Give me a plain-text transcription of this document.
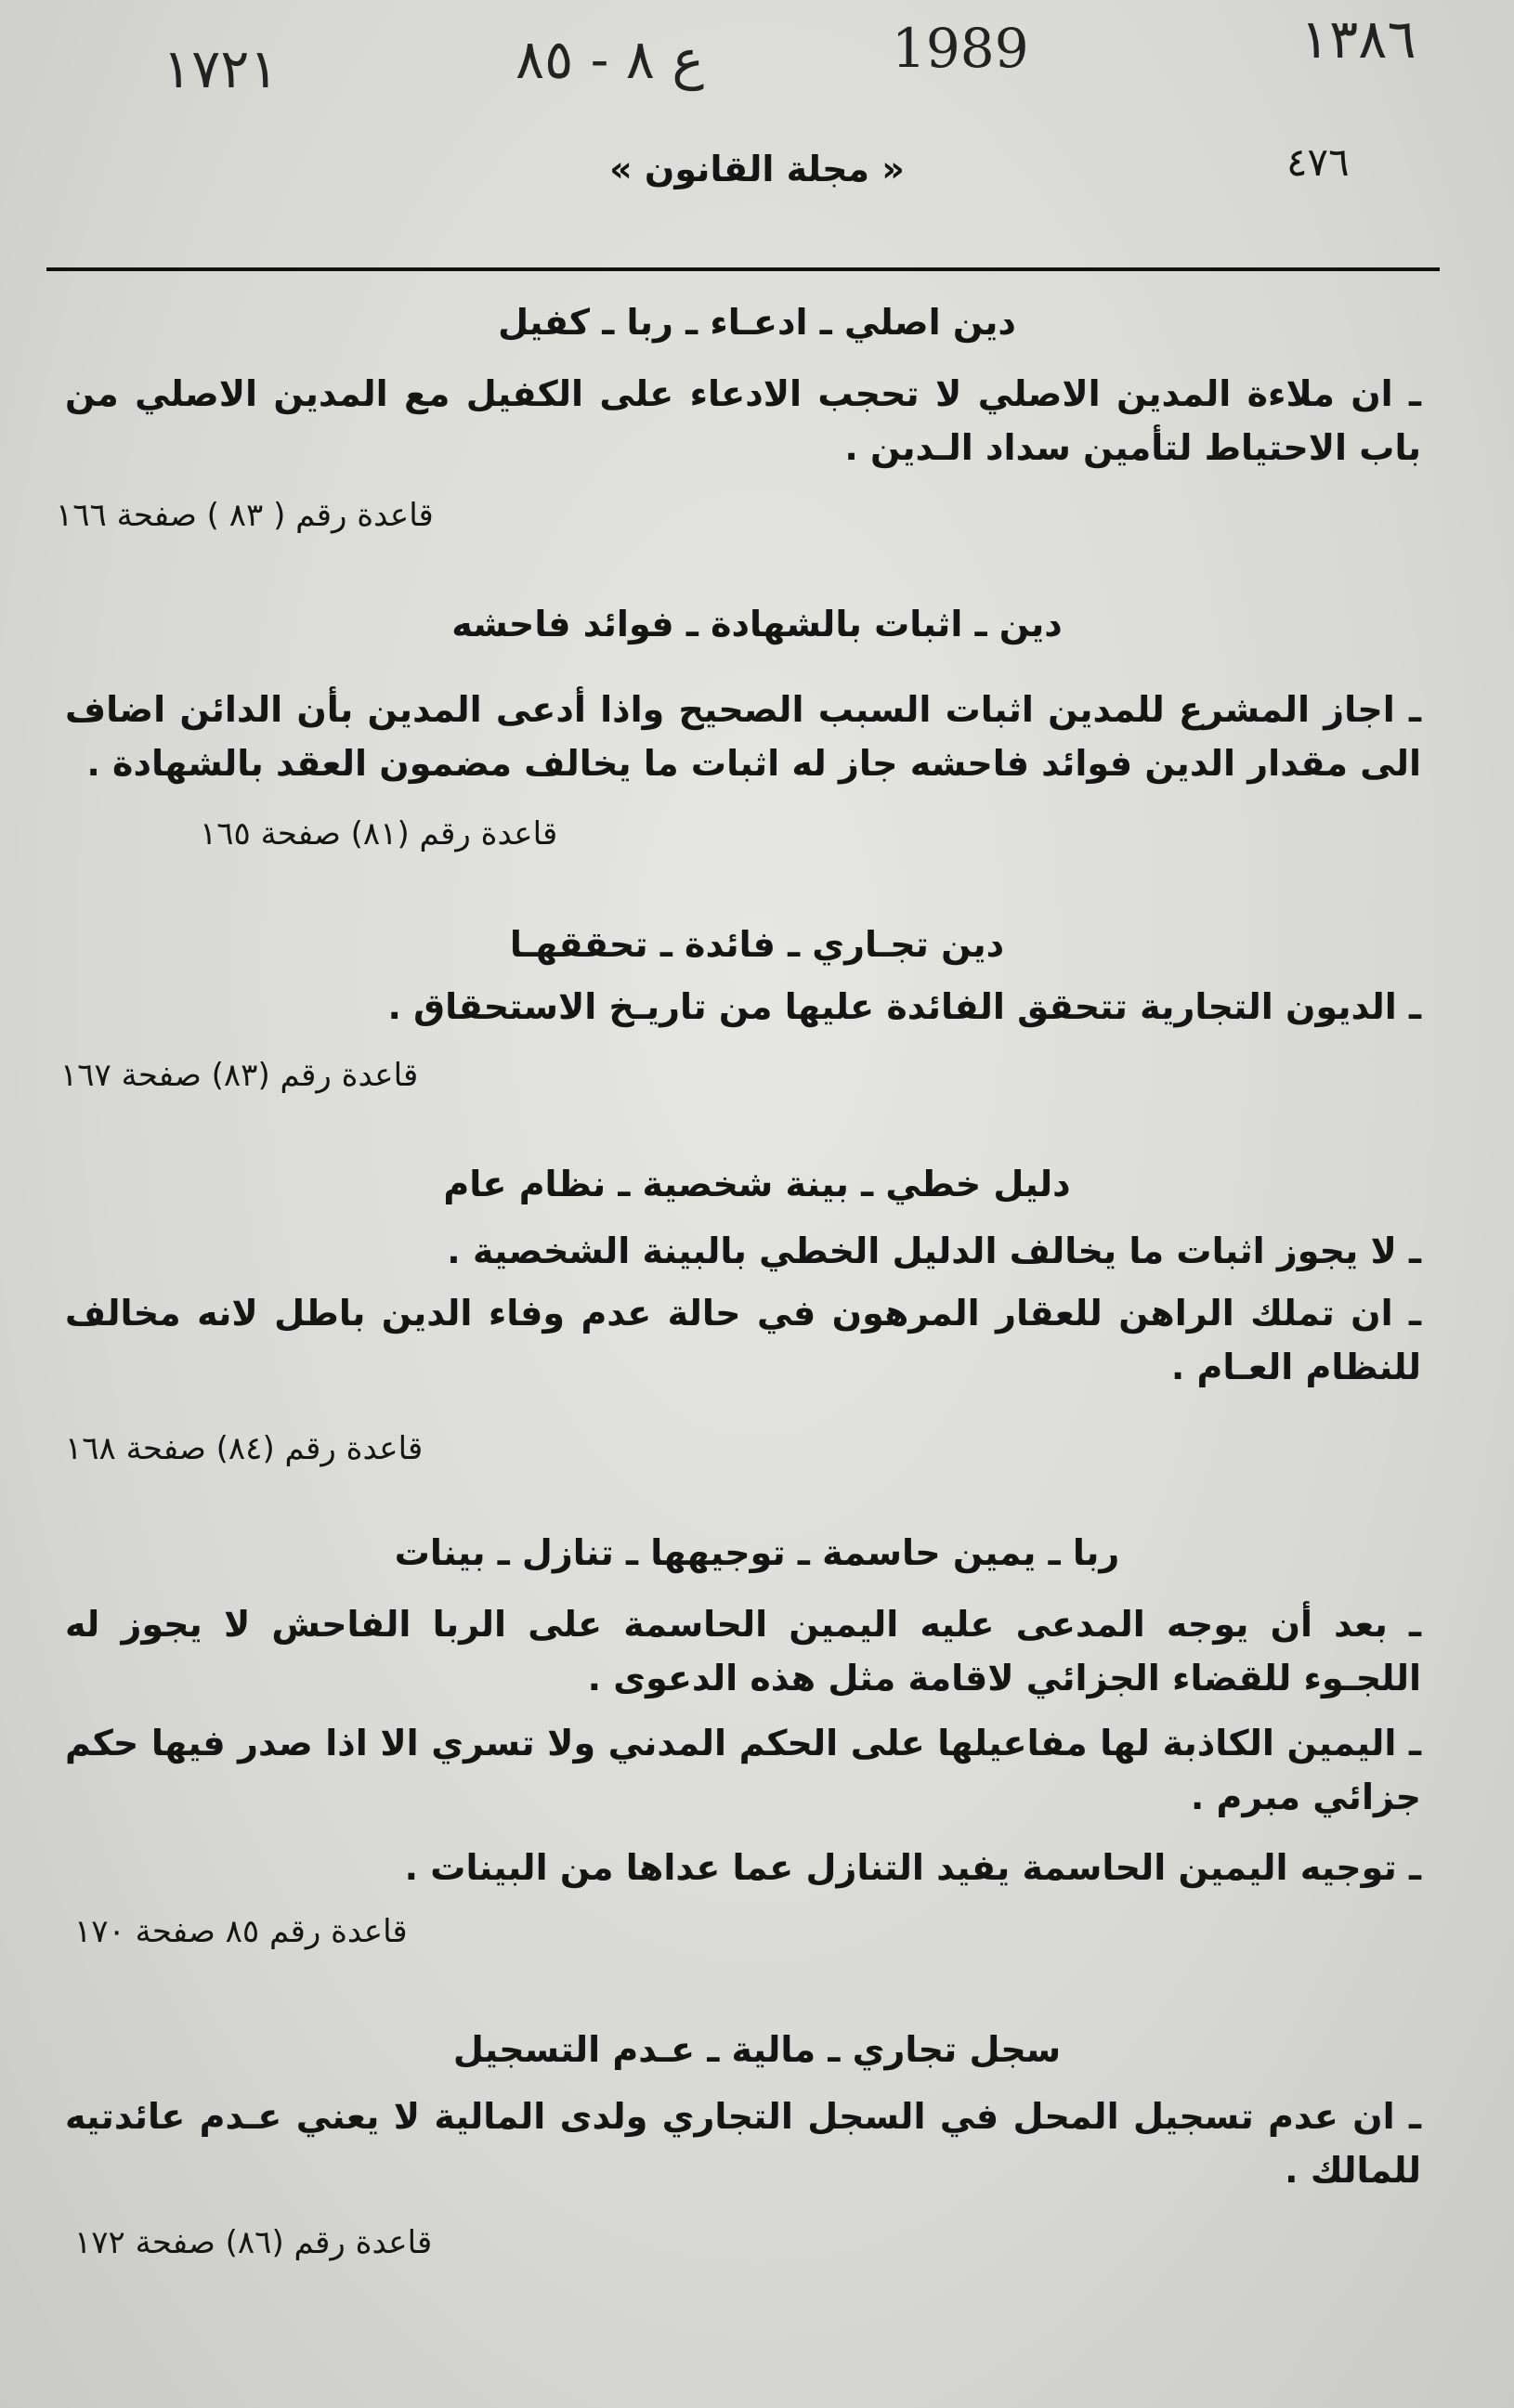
١٧٢١	ع ٨ - ٨٥	1989	١٣٨٦
« مجلة القانون »	٤٧٦
دين اصلي ـ ادعـاء ـ ربا ـ كفيل
ـ ان ملاءة المدين الاصلي لا تحجب الادعاء على الكفيل مع المدين الاصلي من باب الاحتياط لتأمين سداد الـدين .
قاعدة رقم ( ٨٣ ) صفحة ١٦٦
دين ـ اثبات بالشهادة ـ فوائد فاحشه
ـ اجاز المشرع للمدين اثبات السبب الصحيح واذا أدعى المدين بأن الدائن اضاف الى مقدار الدين فوائد فاحشه جاز له اثبات ما يخالف مضمون العقد بالشهادة .
قاعدة رقم (٨١) صفحة ١٦٥
دين تجـاري ـ فائدة ـ تحققهـا
ـ الديون التجارية تتحقق الفائدة عليها من تاريـخ الاستحقاق .
قاعدة رقم (٨٣) صفحة ١٦٧
دليل خطي ـ بينة شخصية ـ نظام عام
ـ لا يجوز اثبات ما يخالف الدليل الخطي بالبينة الشخصية .
ـ ان تملك الراهن للعقار المرهون في حالة عدم وفاء الدين باطل لانه مخالف للنظام العـام .
قاعدة رقم (٨٤) صفحة ١٦٨
ربا ـ يمين حاسمة ـ توجيهها ـ تنازل ـ بينات
ـ بعد أن يوجه المدعى عليه اليمين الحاسمة على الربا الفاحش لا يجوز له اللجـوء للقضاء الجزائي لاقامة مثل هذه الدعوى .
ـ اليمين الكاذبة لها مفاعيلها على الحكم المدني ولا تسري الا اذا صدر فيها حكم جزائي مبرم .
ـ توجيه اليمين الحاسمة يفيد التنازل عما عداها من البينات .
قاعدة رقم ٨٥ صفحة ١٧٠
سجل تجاري ـ مالية ـ عـدم التسجيل
ـ ان عدم تسجيل المحل في السجل التجاري ولدى المالية لا يعني عـدم عائدتيه للمالك .
قاعدة رقم (٨٦) صفحة ١٧٢
